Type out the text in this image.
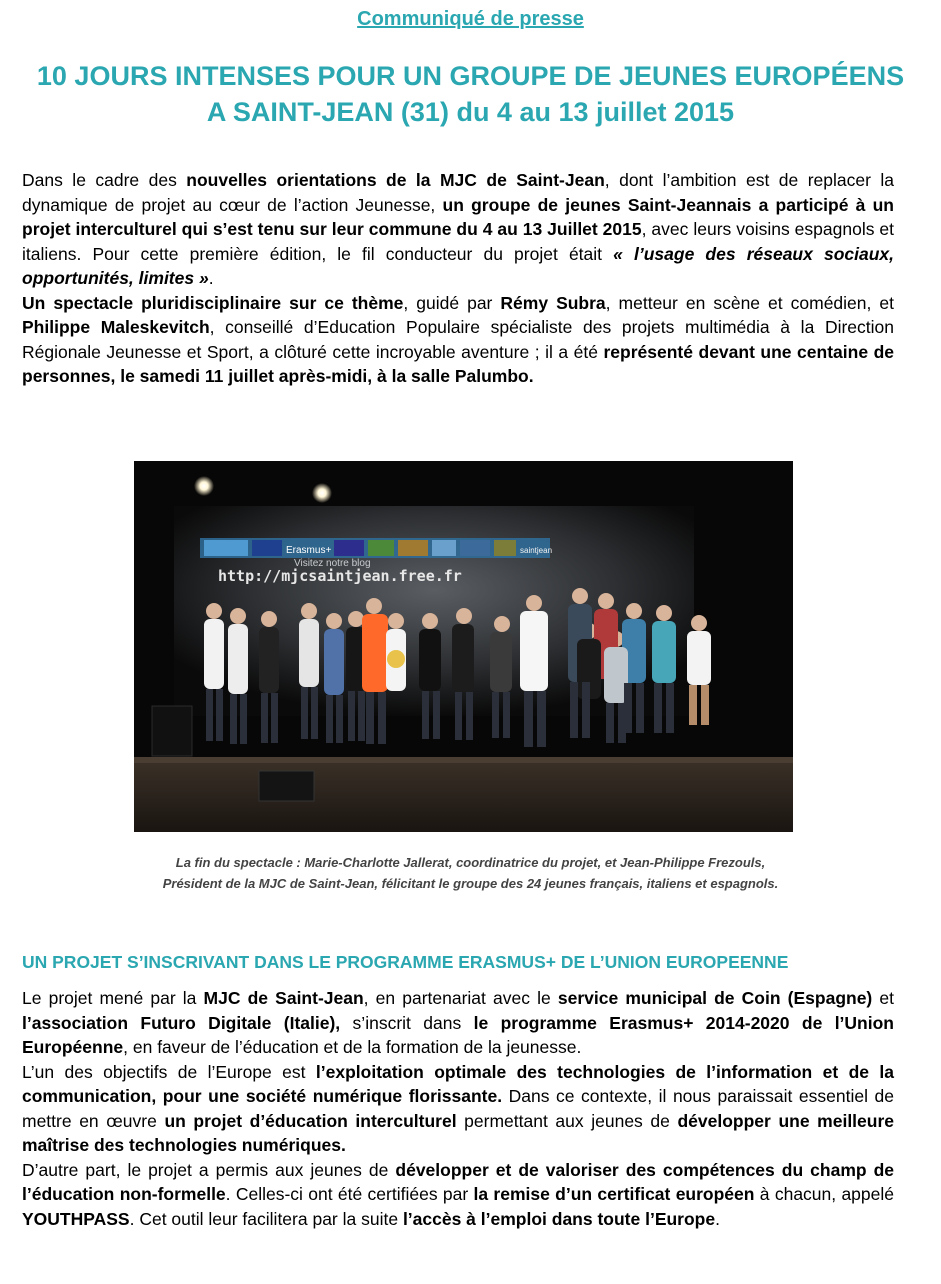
Communiqué de presse
10 JOURS INTENSES POUR UN GROUPE DE JEUNES EUROPÉENS
A SAINT-JEAN (31) du 4 au 13 juillet 2015

Dans le cadre des nouvelles orientations de la MJC de Saint-Jean, dont l’ambition est de replacer la dynamique de projet au cœur de l’action Jeunesse, un groupe de jeunes Saint-Jeannais a participé à un projet interculturel qui s’est tenu sur leur commune du 4 au 13 Juillet 2015, avec leurs voisins espagnols et italiens. Pour cette première édition, le fil conducteur du projet était « l’usage des réseaux sociaux, opportunités, limites ».
Un spectacle pluridisciplinaire sur ce thème, guidé par Rémy Subra, metteur en scène et comédien, et Philippe Maleskevitch, conseillé d’Education Populaire spécialiste des projets multimédia à la Direction Régionale Jeunesse et Sport, a clôturé cette incroyable aventure ; il a été représenté devant une centaine de personnes, le samedi 11 juillet après-midi, à la salle Palumbo.

Erasmus+	saintjean
Visitez notre blog
http://mjcsaintjean.free.fr

La fin du spectacle : Marie-Charlotte Jallerat, coordinatrice du projet, et Jean-Philippe Frezouls,
Président de la MJC de Saint-Jean, félicitant le groupe des 24 jeunes français, italiens et espagnols.

UN PROJET S’INSCRIVANT DANS LE PROGRAMME ERASMUS+ DE L’UNION EUROPEENNE

Le projet mené par la MJC de Saint-Jean, en partenariat avec le service municipal de Coin (Espagne) et l’association Futuro Digitale (Italie), s’inscrit dans le programme Erasmus+ 2014-2020 de l’Union Européenne, en faveur de l’éducation et de la formation de la jeunesse.
L’un des objectifs de l’Europe est l’exploitation optimale des technologies de l’information et de la communication, pour une société numérique florissante. Dans ce contexte, il nous paraissait essentiel de mettre en œuvre un projet d’éducation interculturel permettant aux jeunes de développer une meilleure maîtrise des technologies numériques.
D’autre part, le projet a permis aux jeunes de développer et de valoriser des compétences du champ de l’éducation non-formelle. Celles-ci ont été certifiées par la remise d’un certificat européen à chacun, appelé YOUTHPASS. Cet outil leur facilitera par la suite l’accès à l’emploi dans toute l’Europe.
